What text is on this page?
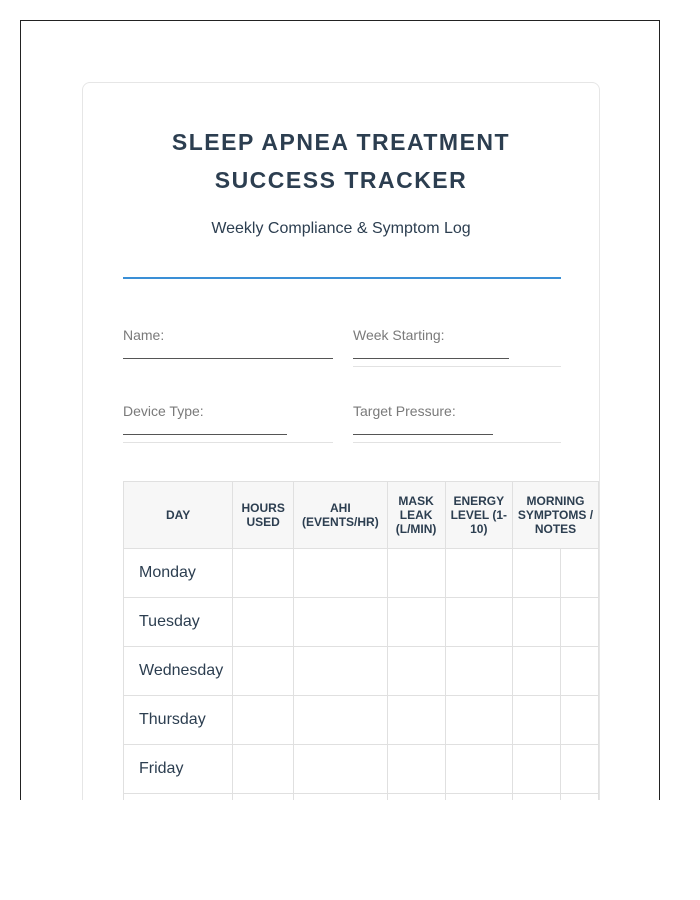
SLEEP APNEA TREATMENT
SUCCESS TRACKER
Weekly Compliance & Symptom Log
Name:	Week Starting:
Device Type:	Target Pressure:
DAY	HOURS USED	AHI (EVENTS/HR)	MASK LEAK (L/MIN)	ENERGY LEVEL (1-10)	MORNING SYMPTOMS / NOTES	
Monday						
Tuesday						
Wednesday						
Thursday						
Friday						
